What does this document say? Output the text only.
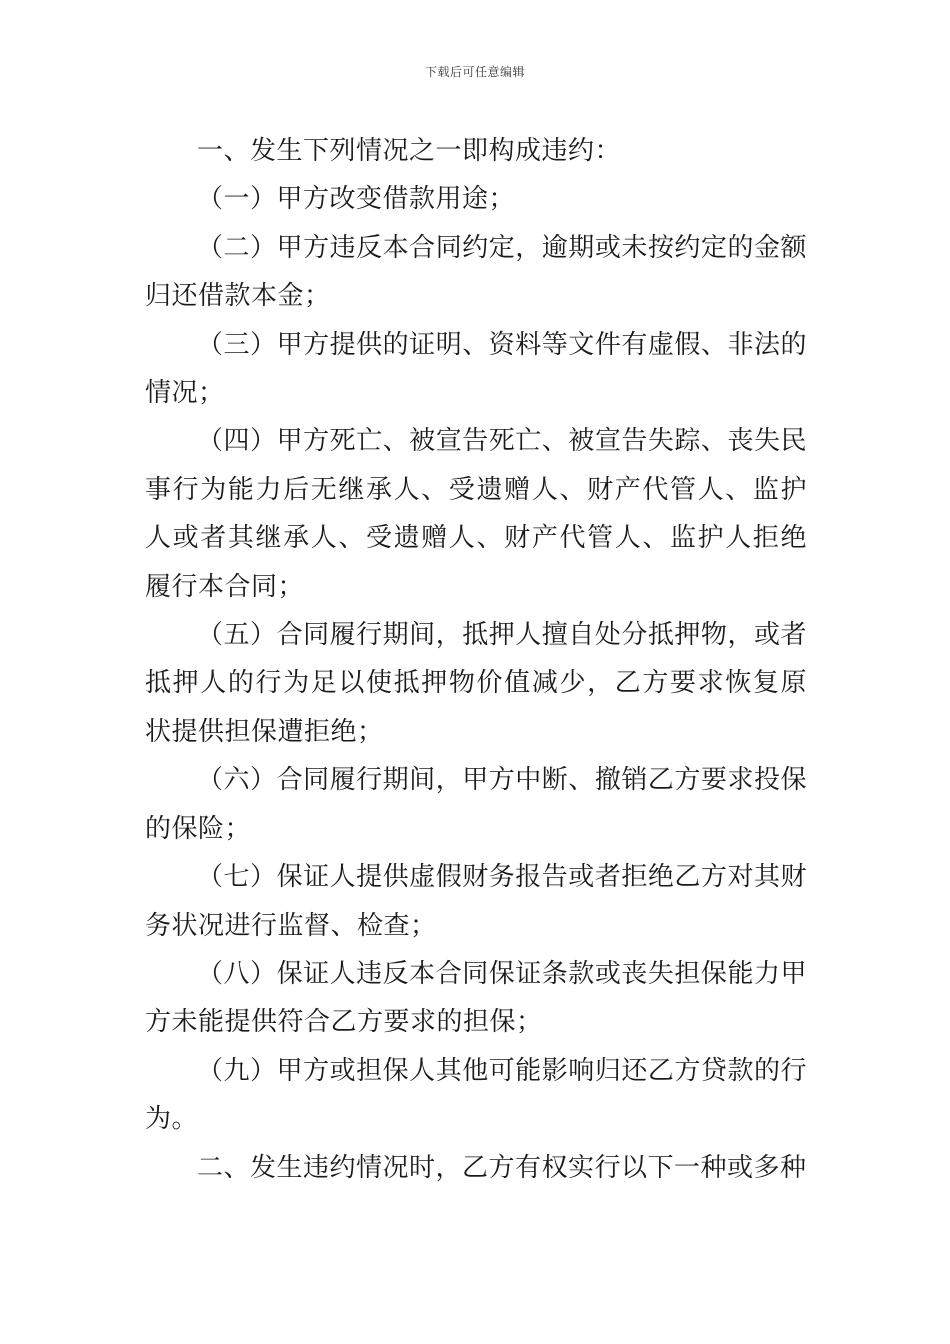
下载后可任意编辑

一、发生下列情况之一即构成违约：

（一）甲方改变借款用途；

（二）甲方违反本合同约定，逾期或未按约定的金额归还借款本金；

（三）甲方提供的证明、资料等文件有虚假、非法的情况；

（四）甲方死亡、被宣告死亡、被宣告失踪、丧失民事行为能力后无继承人、受遗赠人、财产代管人、监护人或者其继承人、受遗赠人、财产代管人、监护人拒绝履行本合同；

（五）合同履行期间，抵押人擅自处分抵押物，或者抵押人的行为足以使抵押物价值减少，乙方要求恢复原状提供担保遭拒绝；

（六）合同履行期间，甲方中断、撤销乙方要求投保的保险；

（七）保证人提供虚假财务报告或者拒绝乙方对其财务状况进行监督、检查；

（八）保证人违反本合同保证条款或丧失担保能力甲方未能提供符合乙方要求的担保；

（九）甲方或担保人其他可能影响归还乙方贷款的行为。

二、发生违约情况时，乙方有权实行以下一种或多种
